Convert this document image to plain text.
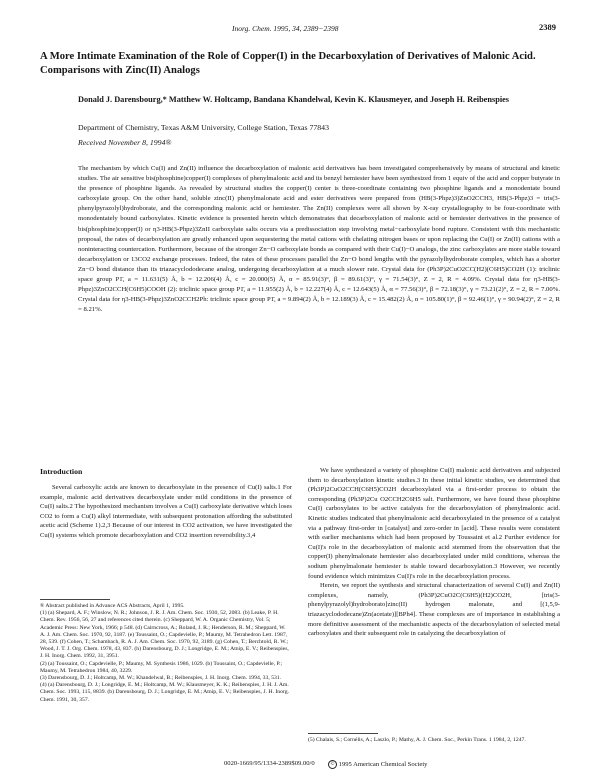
Inorg. Chem. 1995, 34, 2389−2398	2389
A More Intimate Examination of the Role of Copper(I) in the Decarboxylation of Derivatives of Malonic Acid. Comparisons with Zinc(II) Analogs
Donald J. Darensbourg,* Matthew W. Holtcamp, Bandana Khandelwal, Kevin K. Klausmeyer, and Joseph H. Reibenspies
Department of Chemistry, Texas A&M University, College Station, Texas 77843
Received November 8, 1994®
The mechanism by which Cu(I) and Zn(II) influence the decarboxylation of malonic acid derivatives has been investigated comprehensively by means of structural and kinetic studies. The air sensitive bis(phosphine)copper(I) complexes of phenylmalonic acid and its benzyl hemiester have been synthesized from 1 equiv of the acid and copper butyrate in the presence of phosphine ligands. As revealed by structural studies the copper(I) center is three-coordinate containing two phosphine ligands and a monodentate bound carboxylate group. On the other hand, soluble zinc(II) phenylmalonate acid and ester derivatives were prepared from (HB(3-Phpz)3)ZnO2CCH3, HB(3-Phpz)3 = tris(3-phenylpyrazolyl)hydroborate, and the corresponding malonic acid or hemiester. The Zn(II) complexes were all shown by X-ray crystallography to be four-coordinate with monodentately bound carboxylates. Kinetic evidence is presented herein which demonstrates that decarboxylation of malonic acid or hemiester derivatives in the presence of bis(phosphine)copper(I) or η3-HB(3-Phpz)3ZnII carboxylate salts occurs via a predissociation step involving metal−carboxylate bond rupture. Consistent with this mechanistic proposal, the rates of decarboxylation are greatly enhanced upon sequestering the metal cations with chelating nitrogen bases or upon replacing the Cu(I) or Zn(II) cations with a noninteracting countercation. Furthermore, because of the stronger Zn−O carboxylate bonds as compared with their Cu(I)−O analogs, the zinc carboxylates are more stable toward decarboxylation or 13CO2 exchange processes. Indeed, the rates of these processes parallel the Zn−O bond lengths with the pyrazolylhydroborate complex, which has a shorter Zn−O bond distance than its triazacyclododecane analog, undergoing decarboxylation at a much slower rate. Crystal data for (Ph3P)2CuO2CC(H2)(C6H5)CO2H (1): triclinic space group P1̄, a = 11.631(5) Å, b = 12.206(4) Å, c = 20.000(5) Å, α = 85.91(3)°, β = 89.61(3)°, γ = 71.54(3)°, Z = 2, R = 4.09%. Crystal data for η3-HB(3-Phpz)3ZnO2CCH(C6H5)COOH (2): triclinic space group P1̄, a = 11.955(2) Å, b = 12.227(4) Å, c = 12.643(5) Å, α = 77.56(3)°, β = 72.18(3)°, γ = 73.21(2)°, Z = 2, R = 7.00%. Crystal data for η3-HB(3-Phpz)3ZnO2CCH2Ph: triclinic space group P1̄, a = 9.894(2) Å, b = 12.189(3) Å, c = 15.482(2) Å, α = 105.80(1)°, β = 92.46(1)°, γ = 90.94(2)°, Z = 2, R = 8.21%.
Introduction

Several carboxylic acids are known to decarboxylate in the presence of Cu(I) salts.1 For example, malonic acid derivatives decarboxylate under mild conditions in the presence of Cu(I) salts.2 The hypothesized mechanism involves a Cu(I) carboxylate derivative which loses CO2 to form a Cu(I) alkyl intermediate, with subsequent protonation affording the substituted acetic acid (Scheme 1).2,3 Because of our interest in CO2 activation, we have investigated the Cu(I) systems which promote decarboxylation and CO2 insertion reversibility.3,4

We have synthesized a variety of phosphine Cu(I) malonic acid derivatives and subjected them to decarboxylation kinetic studies.3 In these initial kinetic studies, we determined that (Ph3P)2CuO2CCH(C6H5)CO2H decarboxylated via a first-order process to obtain the corresponding (Ph3P)2Cu O2CCH2C6H5 salt. Furthermore, we have found these phosphine Cu(I) carboxylates to be active catalysts for the decarboxylation of phenylmalonic acid. Kinetic studies indicated that phenylmalonic acid decarboxylated in the presence of a catalyst via a pathway first-order in [catalyst] and zero-order in [acid]. These results were consistent with earlier mechanisms which had been proposed by Toussaint et al.2 Further evidence for Cu(I)'s role in the decarboxylation of malonic acid stemmed from the observation that the copper(I) phenylmalonate hemiester also decarboxylated under mild conditions, whereas the sodium phenylmalonate hemiester is stable toward decarboxylation.3 However, we recently found evidence which minimizes Cu(I)'s role in the decarboxylation process.

Herein, we report the synthesis and structural characterization of several Cu(I) and Zn(II) complexes, namely, (Ph3P)2CuO2C(C6H5)(H2)CO2H, [tris(3-phenylpyrazolyl)hydroborato]zinc(II) hydrogen malonate, and [(1,5,9-triazacyclododecane)Zn(acetate)][BPh4]. These complexes are of importance in establishing a more definitive assessment of the mechanistic aspects of the decarboxylation of selected metal carboxylates and their subsequent role in catalyzing the decarboxylation of

® Abstract published in Advance ACS Abstracts, April 1, 1995.
(1) (a) Shepard, A. F.; Winslow, N. R.; Johnson, J. R. J. Am. Chem. Soc. 1930, 52, 2083. (b) Leake, P. H. Chem. Rev. 1956, 56, 27 and references cited therein. (c) Sheppard, W. A. Organic Chemistry, Vol. 5; Academic Press: New York, 1966; p 548. (d) Cairncross, A.; Roland, J. R.; Henderson, R. M.; Sheppard, W. A. J. Am. Chem. Soc. 1970, 92, 3187. (e) Toussaint, O.; Capdevielle, P.; Maumy, M. Tetrahedron Lett. 1987, 28, 539. (f) Cohen, T.; Schambach, R. A. J. Am. Chem. Soc. 1970, 92, 3189. (g) Cohen, T.; Berchtold, R. W.; Wood, J. T. J. Org. Chem. 1978, 43, 837. (h) Darensbourg, D. J.; Longridge, E. M.; Atnip, E. V.; Reibenspies, J. H. Inorg. Chem. 1992, 31, 3951.
(2) (a) Toussaint, O.; Capdevielle, P.; Maumy, M. Synthesis 1986, 1029. (b) Toussaint, O.; Capdevielle, P.; Maumy, M. Tetrahedron 1984, 40, 3229.
(3) Darensbourg, D. J.; Holtcamp, M. W.; Khandelwal, B.; Reibenspies, J. H. Inorg. Chem. 1994, 33, 531.
(4) (a) Darensbourg, D. J.; Longridge, E. M.; Holtcamp, M. W.; Klausmeyer, K. K.; Reibenspies, J. H. J. Am. Chem. Soc. 1993, 115, 8839. (b) Darensbourg, D. J.; Longridge, E. M.; Atnip, E. V.; Reibenspies, J. H. Inorg. Chem. 1991, 30, 357.
(5) Chalais, S.; Cornélis, A.; Laszlo, P.; Mathy, A. J. Chem. Soc., Perkin Trans. 1 1984, 2, 1247.
0020-1669/95/1334-2389$09.00/0	© 1995 American Chemical Society
